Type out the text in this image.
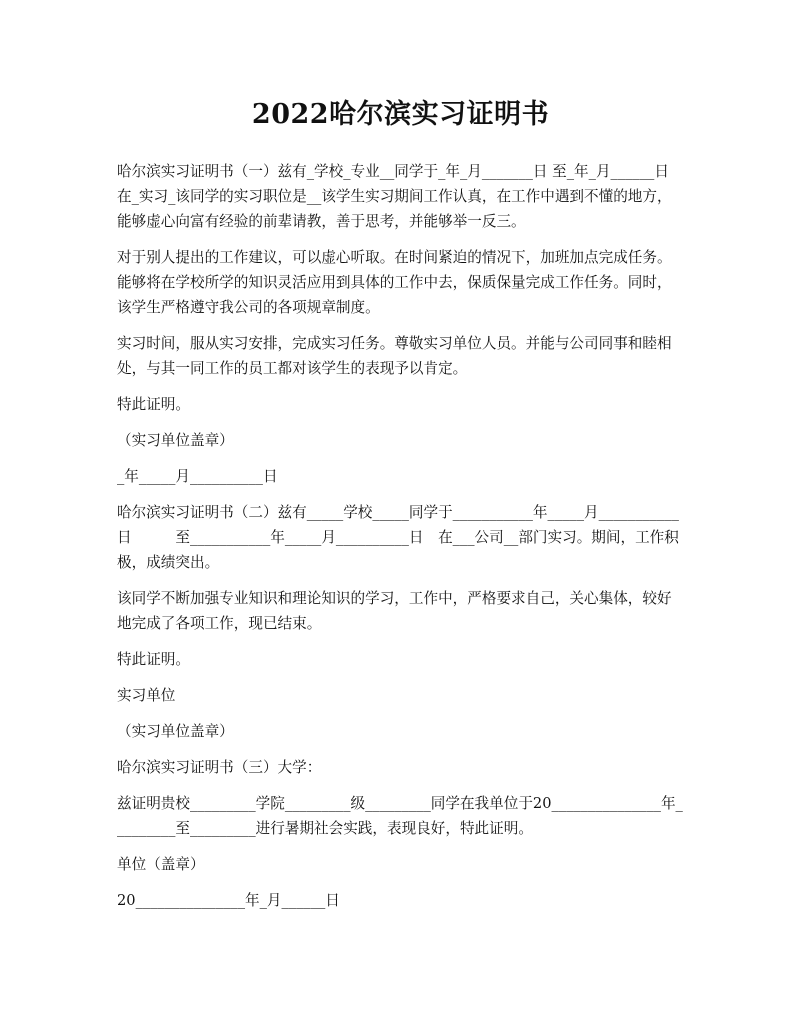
2022哈尔滨实习证明书

哈尔滨实习证明书（一）兹有_学校_专业__同学于_年_月_______日 至_年_月______日　　在_实习_该同学的实习职位是__该学生实习期间工作认真，在工作中遇到不懂的地方，能够虚心向富有经验的前辈请教，善于思考，并能够举一反三。

对于别人提出的工作建议，可以虚心听取。在时间紧迫的情况下，加班加点完成任务。能够将在学校所学的知识灵活应用到具体的工作中去，保质保量完成工作任务。同时，该学生严格遵守我公司的各项规章制度。

实习时间，服从实习安排，完成实习任务。尊敬实习单位人员。并能与公司同事和睦相处，与其一同工作的员工都对该学生的表现予以肯定。

特此证明。

（实习单位盖章）

_年_____月__________日

哈尔滨实习证明书（二）兹有_____学校_____同学于___________年_____月___________日　　　至___________年_____月__________日　在___公司__部门实习。期间，工作积极，成绩突出。

该同学不断加强专业知识和理论知识的学习，工作中，严格要求自己，关心集体，较好地完成了各项工作，现已结束。

特此证明。

实习单位

（实习单位盖章）

哈尔滨实习证明书（三）大学：

兹证明贵校_________学院_________级_________同学在我单位于20_______________年_________至_________进行暑期社会实践，表现良好，特此证明。

单位（盖章）

20_______________年_月______日
